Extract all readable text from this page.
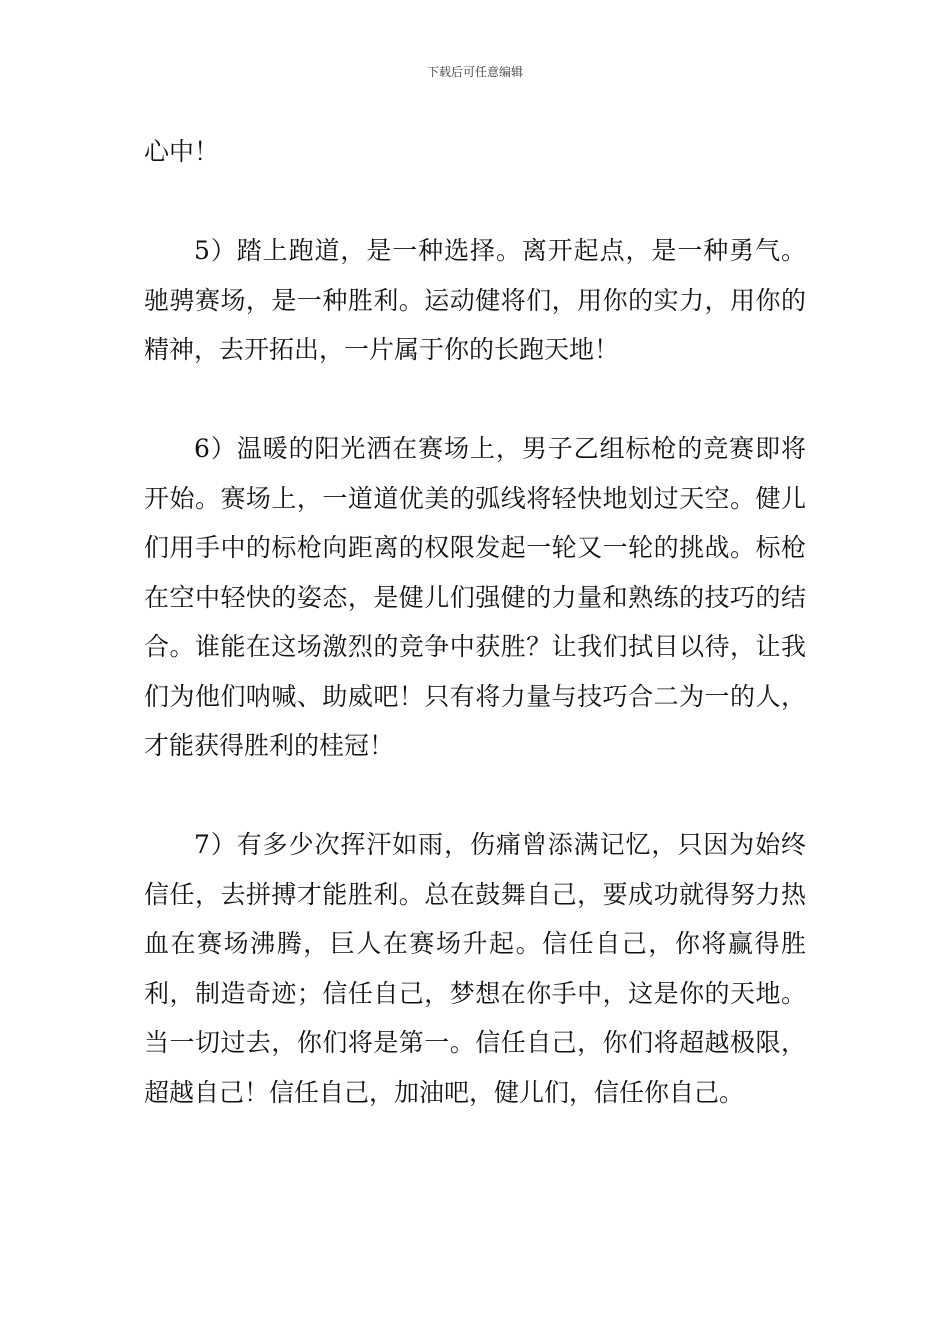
下载后可任意编辑

心中！

5）踏上跑道，是一种选择。离开起点，是一种勇气。驰骋赛场，是一种胜利。运动健将们，用你的实力，用你的精神，去开拓出，一片属于你的长跑天地！

6）温暖的阳光洒在赛场上，男子乙组标枪的竞赛即将开始。赛场上，一道道优美的弧线将轻快地划过天空。健儿们用手中的标枪向距离的权限发起一轮又一轮的挑战。标枪在空中轻快的姿态，是健儿们强健的力量和熟练的技巧的结合。谁能在这场激烈的竞争中获胜？让我们拭目以待，让我们为他们呐喊、助威吧！只有将力量与技巧合二为一的人，才能获得胜利的桂冠！

7）有多少次挥汗如雨，伤痛曾添满记忆，只因为始终信任，去拼搏才能胜利。总在鼓舞自己，要成功就得努力热血在赛场沸腾，巨人在赛场升起。信任自己，你将赢得胜利，制造奇迹；信任自己，梦想在你手中，这是你的天地。当一切过去，你们将是第一。信任自己，你们将超越极限，超越自己！信任自己，加油吧，健儿们，信任你自己。
